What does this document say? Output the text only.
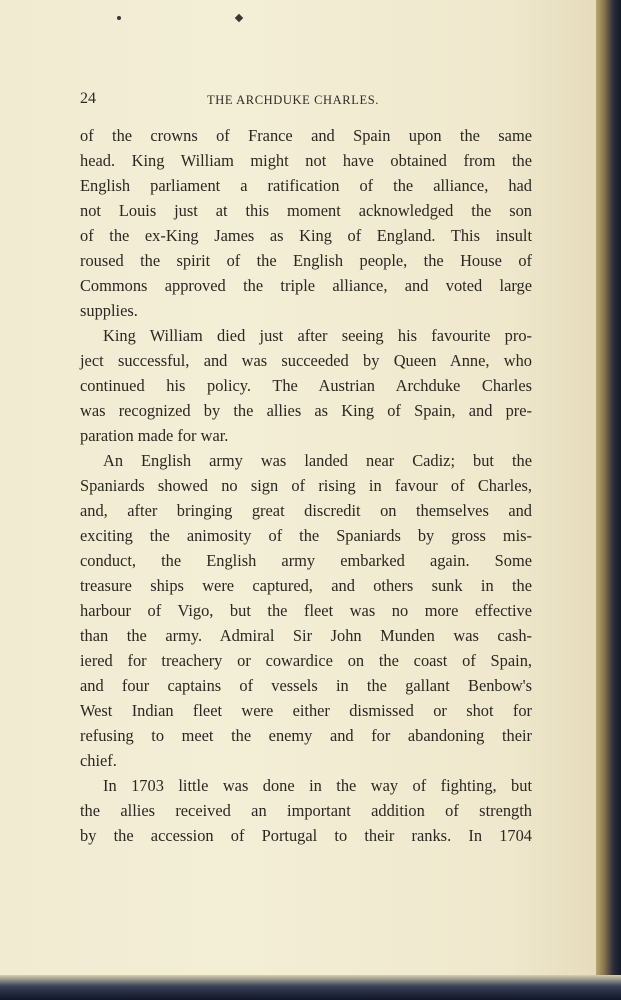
24	THE ARCHDUKE CHARLES.
of the crowns of France and Spain upon the same
head. King William might not have obtained from the
English parliament a ratification of the alliance, had
not Louis just at this moment acknowledged the son
of the ex-King James as King of England. This insult
roused the spirit of the English people, the House of
Commons approved the triple alliance, and voted large
supplies.
King William died just after seeing his favourite pro-
ject successful, and was succeeded by Queen Anne, who
continued his policy. The Austrian Archduke Charles
was recognized by the allies as King of Spain, and pre-
paration made for war.
An English army was landed near Cadiz; but the
Spaniards showed no sign of rising in favour of Charles,
and, after bringing great discredit on themselves and
exciting the animosity of the Spaniards by gross mis-
conduct, the English army embarked again. Some
treasure ships were captured, and others sunk in the
harbour of Vigo, but the fleet was no more effective
than the army. Admiral Sir John Munden was cash-
iered for treachery or cowardice on the coast of Spain,
and four captains of vessels in the gallant Benbow's
West Indian fleet were either dismissed or shot for
refusing to meet the enemy and for abandoning their
chief.
In 1703 little was done in the way of fighting, but
the allies received an important addition of strength
by the accession of Portugal to their ranks. In 1704
